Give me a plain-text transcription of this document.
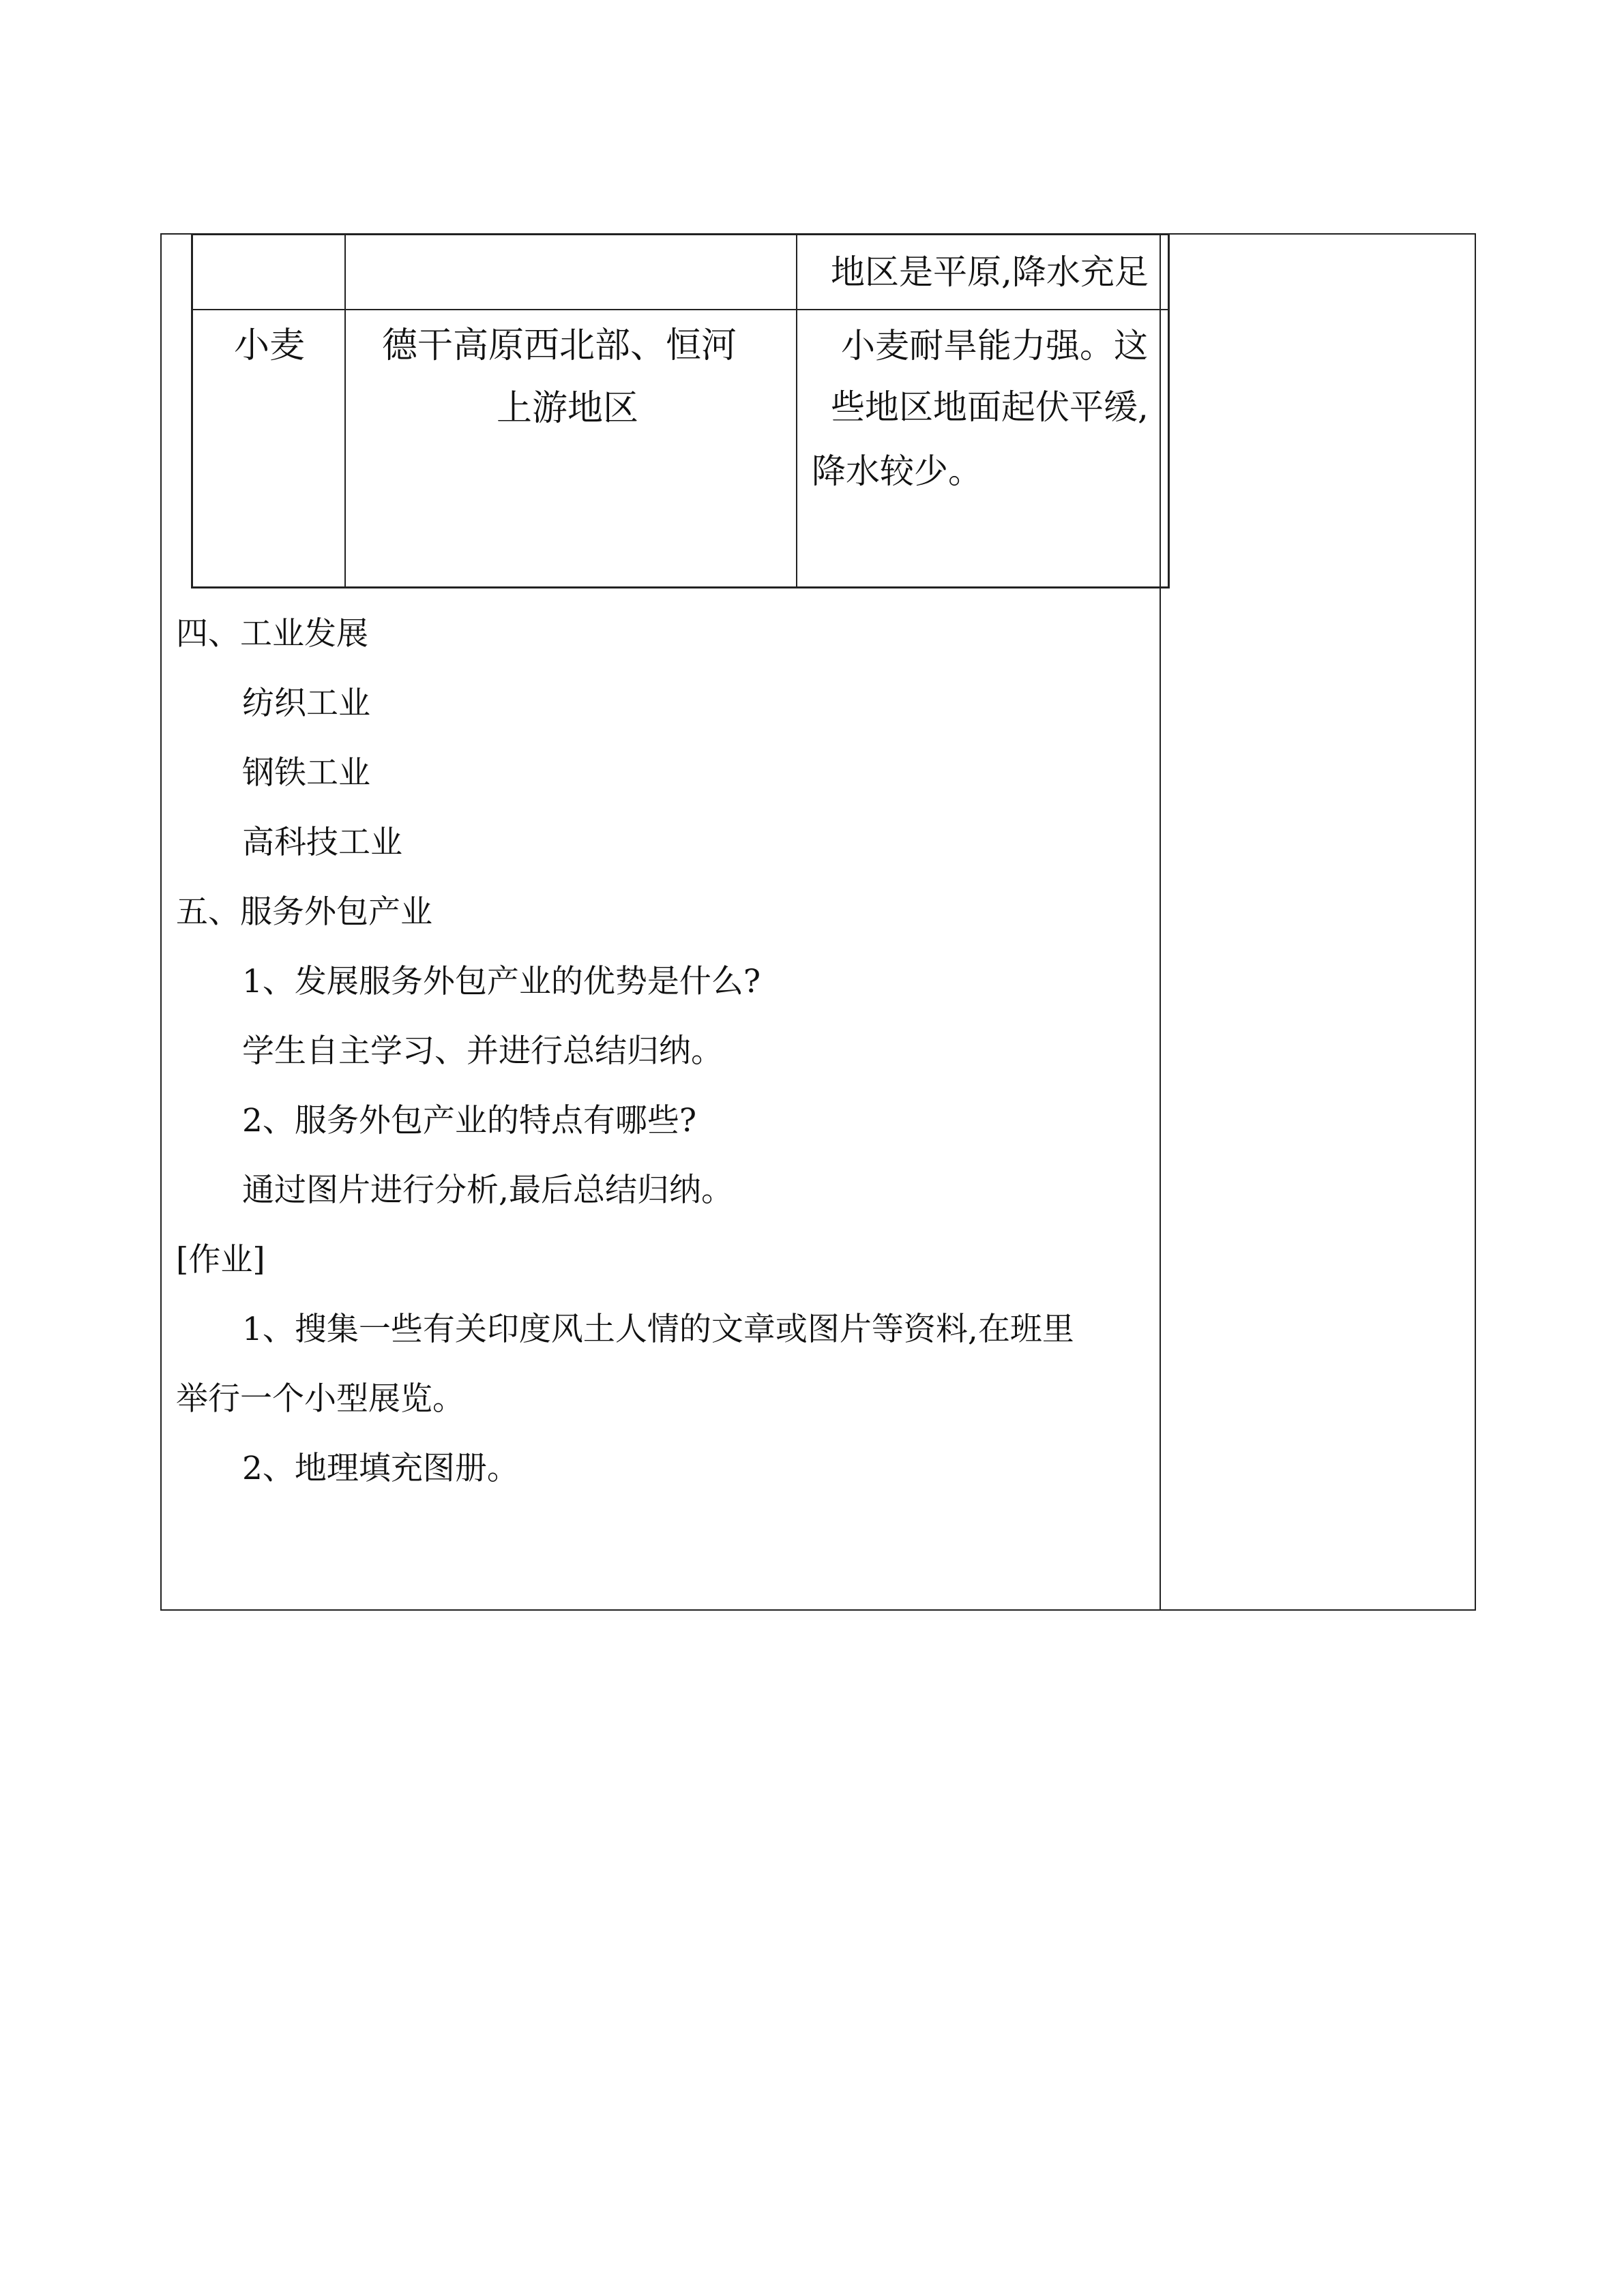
地区是平原,降水充足
小麦 德干高原西北部、恒河
上游地区
小麦耐旱能力强。这
些地区地面起伏平缓,
降水较少。
四、工业发展
纺织工业
钢铁工业
高科技工业
五、服务外包产业
1、发展服务外包产业的优势是什么?
学生自主学习、并进行总结归纳。
2、服务外包产业的特点有哪些?
通过图片进行分析,最后总结归纳。
[作业]
1、搜集一些有关印度风土人情的文章或图片等资料,在班里
举行一个小型展览。
2、地理填充图册。
